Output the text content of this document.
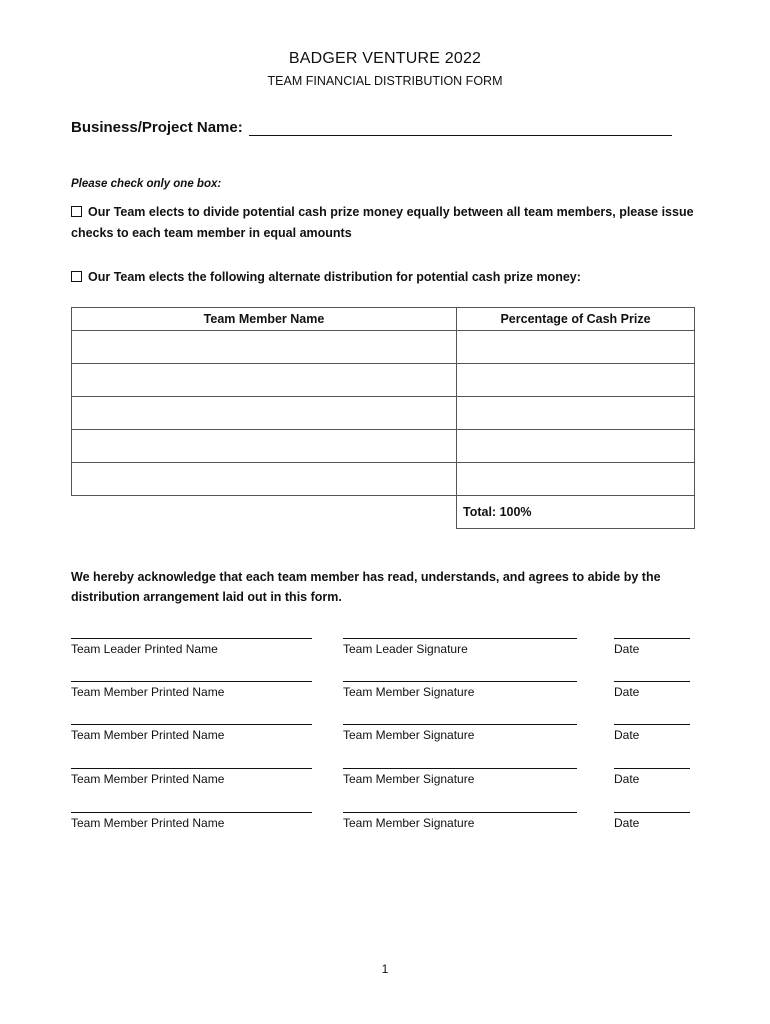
BADGER VENTURE 2022
TEAM FINANCIAL DISTRIBUTION FORM
Business/Project Name:
Please check only one box:
Our Team elects to divide potential cash prize money equally between all team members, please issue checks to each team member in equal amounts
Our Team elects the following alternate distribution for potential cash prize money:
Team Member Name	Percentage of Cash Prize

	Total: 100%
We hereby acknowledge that each team member has read, understands, and agrees to abide by the distribution arrangement laid out in this form.
Team Leader Printed Name	Team Leader Signature	Date
Team Member Printed Name	Team Member Signature	Date
Team Member Printed Name	Team Member Signature	Date
Team Member Printed Name	Team Member Signature	Date
Team Member Printed Name	Team Member Signature	Date
1
